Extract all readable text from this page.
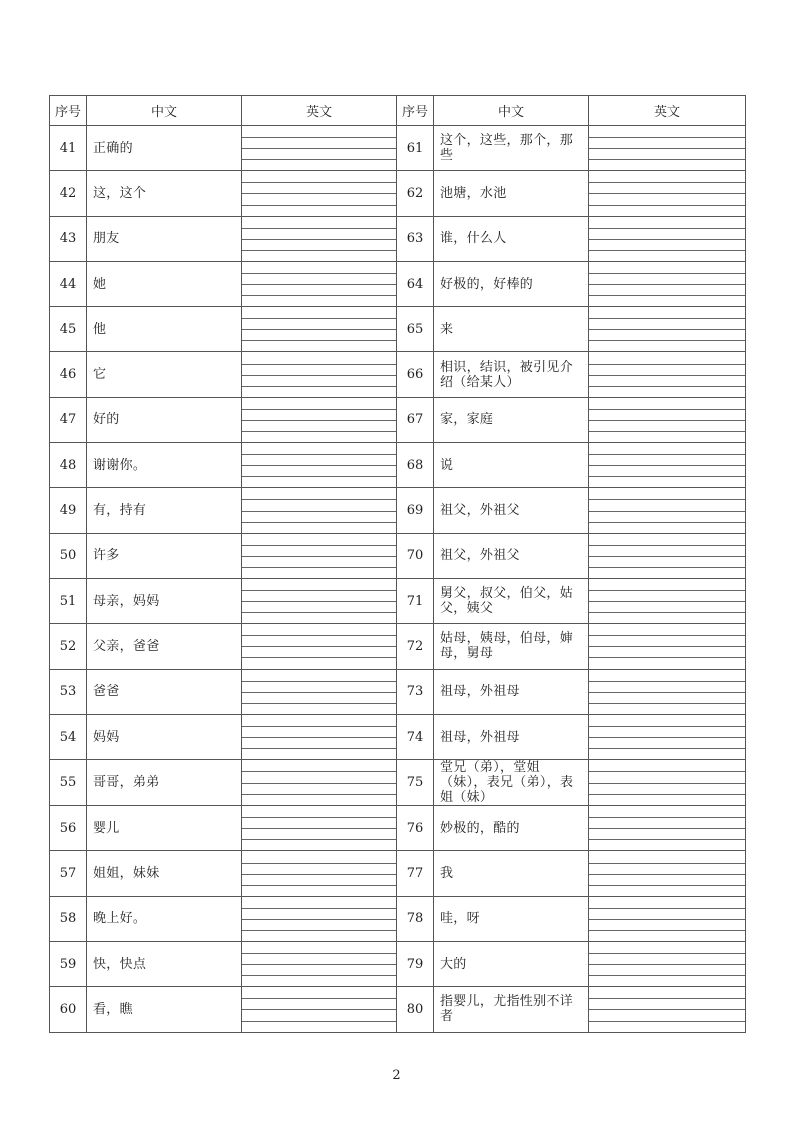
序号	中文	英文	序号	中文	英文
41	正确的		61	这个，这些，那个，那些	

42	这，这个		62	池塘，水池	

43	朋友		63	谁，什么人	

44	她		64	好极的，好棒的	

45	他		65	来	

46	它		66	相识，结识，被引见介绍（给某人）	

47	好的		67	家，家庭	

48	谢谢你。		68	说	

49	有，持有		69	祖父，外祖父	

50	许多		70	祖父，外祖父	

51	母亲，妈妈		71	舅父，叔父，伯父，姑父，姨父	

52	父亲，爸爸		72	姑母，姨母，伯母，婶母，舅母	

53	爸爸		73	祖母，外祖母	

54	妈妈		74	祖母，外祖母	

55	哥哥，弟弟		75	堂兄（弟），堂姐（妹），表兄（弟），表姐（妹）	

56	婴儿		76	妙极的，酷的	

57	姐姐，妹妹		77	我	

58	晚上好。		78	哇，呀	

59	快，快点		79	大的	

60	看，瞧		80	指婴儿，尤指性别不详者	
2
